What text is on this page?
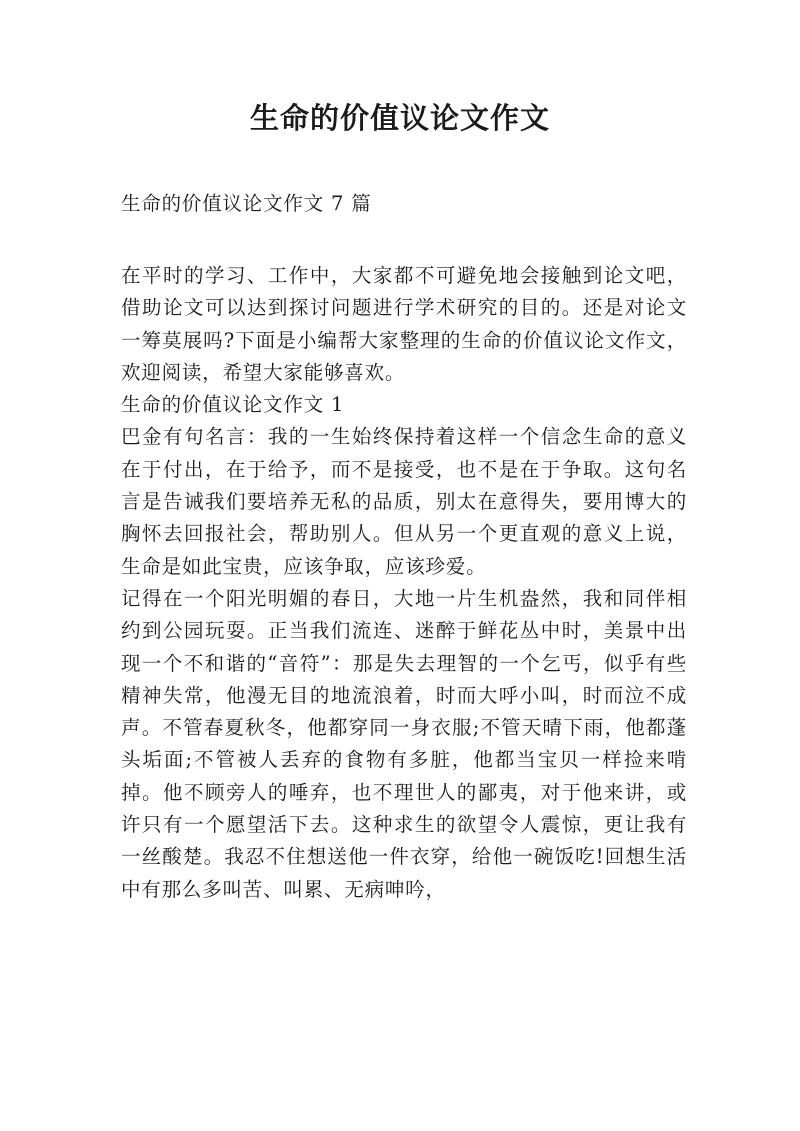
生命的价值议论文作文

生命的价值议论文作文 7 篇

在平时的学习、工作中，大家都不可避免地会接触到论文吧，借助论文可以达到探讨问题进行学术研究的目的。还是对论文一筹莫展吗?下面是小编帮大家整理的生命的价值议论文作文，欢迎阅读，希望大家能够喜欢。

生命的价值议论文作文 1

巴金有句名言：我的一生始终保持着这样一个信念生命的意义在于付出，在于给予，而不是接受，也不是在于争取。这句名言是告诫我们要培养无私的品质，别太在意得失，要用博大的胸怀去回报社会，帮助别人。但从另一个更直观的意义上说，生命是如此宝贵，应该争取，应该珍爱。

记得在一个阳光明媚的春日，大地一片生机盎然，我和同伴相约到公园玩耍。正当我们流连、迷醉于鲜花丛中时，美景中出现一个不和谐的“音符”：那是失去理智的一个乞丐，似乎有些精神失常，他漫无目的地流浪着，时而大呼小叫，时而泣不成声。不管春夏秋冬，他都穿同一身衣服;不管天晴下雨，他都蓬头垢面;不管被人丢弃的食物有多脏，他都当宝贝一样捡来啃掉。他不顾旁人的唾弃，也不理世人的鄙夷，对于他来讲，或许只有一个愿望活下去。这种求生的欲望令人震惊，更让我有一丝酸楚。我忍不住想送他一件衣穿，给他一碗饭吃!回想生活中有那么多叫苦、叫累、无病呻吟，
